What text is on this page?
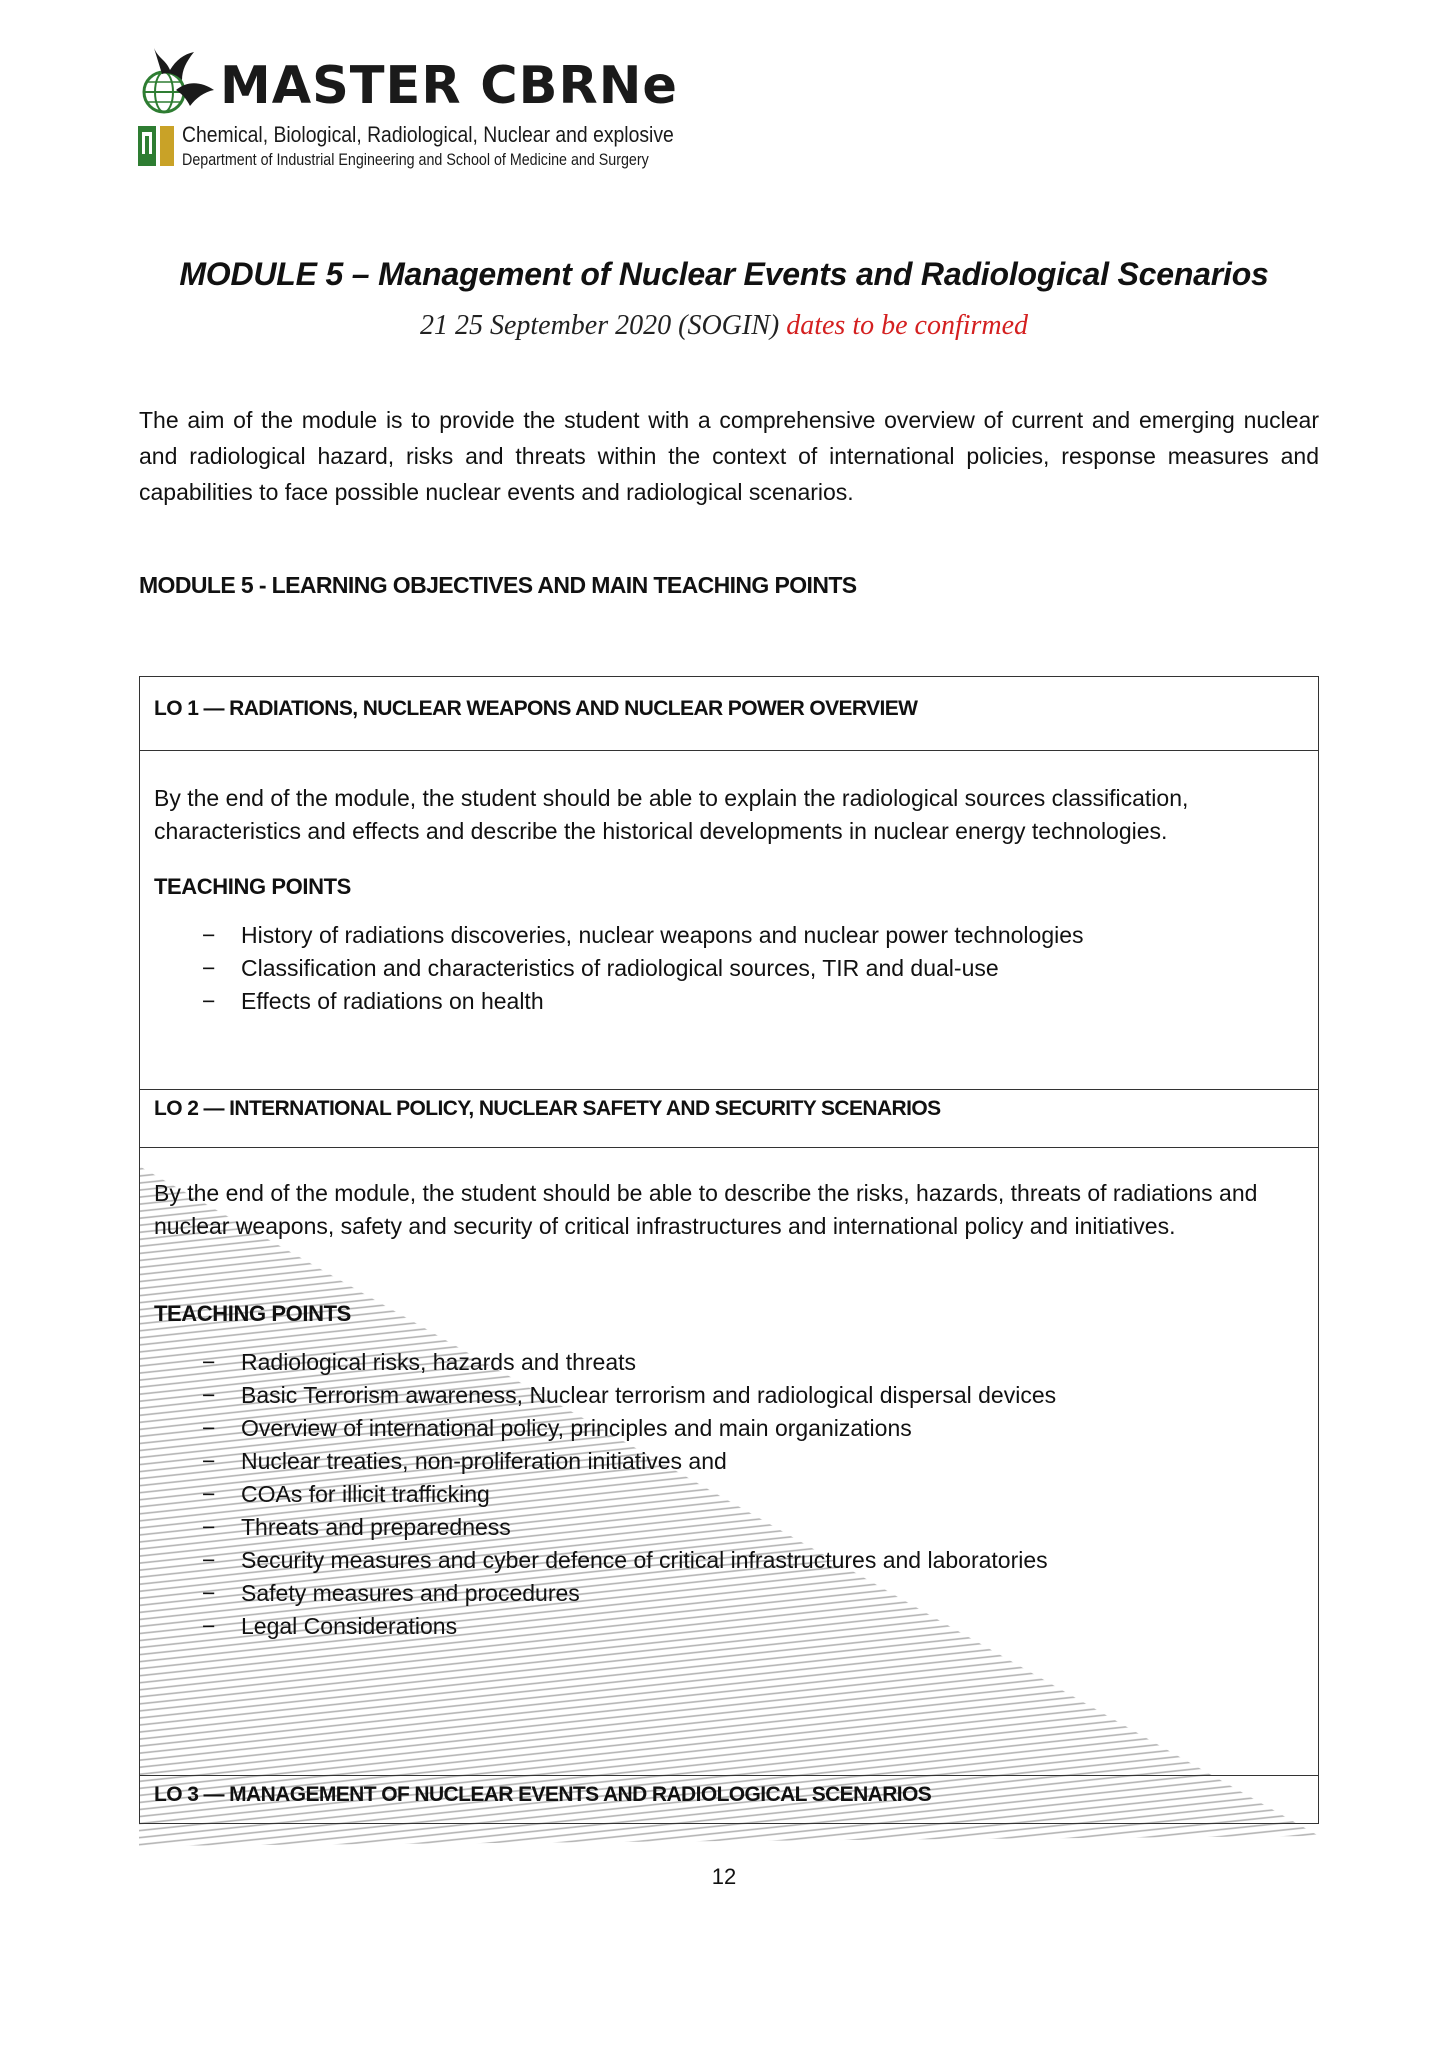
MASTER CBRNe
Chemical, Biological, Radiological, Nuclear and explosive
Department of Industrial Engineering and School of Medicine and Surgery
MODULE 5 – Management of Nuclear Events and Radiological Scenarios
21 25 September 2020 (SOGIN) dates to be confirmed
The aim of the module is to provide the student with a comprehensive overview of current and emerging nuclear and radiological hazard, risks and threats within the context of international policies, response measures and capabilities to face possible nuclear events and radiological scenarios.
MODULE 5 - LEARNING OBJECTIVES AND MAIN TEACHING POINTS
LO 1 — RADIATIONS, NUCLEAR WEAPONS AND NUCLEAR POWER OVERVIEW
By the end of the module, the student should be able to explain the radiological sources classification, characteristics and effects and describe the historical developments in nuclear energy technologies.
TEACHING POINTS
− History of radiations discoveries, nuclear weapons and nuclear power technologies
− Classification and characteristics of radiological sources, TIR and dual-use
− Effects of radiations on health
LO 2 — INTERNATIONAL POLICY, NUCLEAR SAFETY AND SECURITY SCENARIOS
By the end of the module, the student should be able to describe the risks, hazards, threats of radiations and nuclear weapons, safety and security of critical infrastructures and international policy and initiatives.
TEACHING POINTS
− Radiological risks, hazards and threats
− Basic Terrorism awareness, Nuclear terrorism and radiological dispersal devices
− Overview of international policy, principles and main organizations
− Nuclear treaties, non-proliferation initiatives and
− COAs for illicit trafficking
− Threats and preparedness
− Security measures and cyber defence of critical infrastructures and laboratories
− Safety measures and procedures
− Legal Considerations
LO 3 — MANAGEMENT OF NUCLEAR EVENTS AND RADIOLOGICAL SCENARIOS
12
